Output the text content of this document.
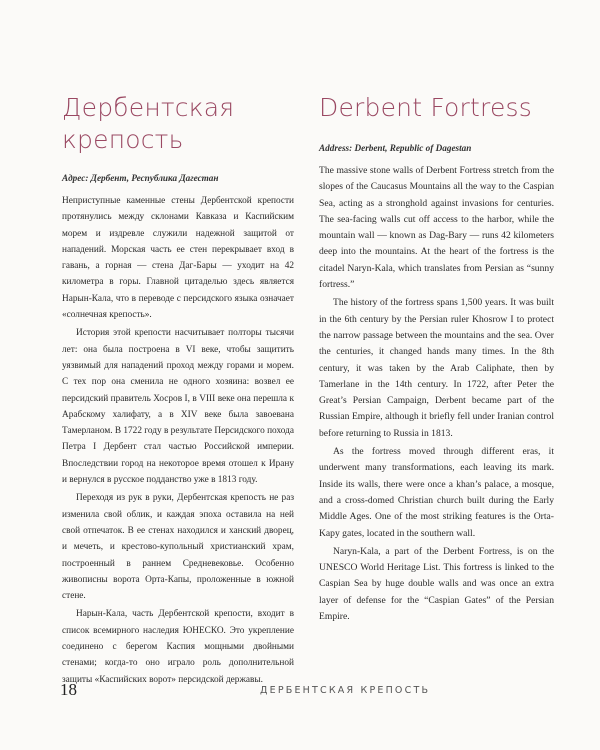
Дербентская
крепость
Адрес: Дербент, Республика Дагестан

Неприступные каменные стены Дербентской крепости протянулись между склонами Кавказа и Каспийским морем и издревле служили надежной защитой от нападений. Морская часть ее стен перекрывает вход в гавань, а горная — стена Даг-Бары — уходит на 42 километра в горы. Главной цитаделью здесь является Нарын-Кала, что в переводе с персидского языка означает «солнечная крепость».

История этой крепости насчитывает полторы тысячи лет: она была построена в VI веке, чтобы защитить уязвимый для нападений проход между горами и морем. С тех пор она сменила не одного хозяина: возвел ее персидский правитель Хосров I, в VIII веке она перешла к Арабскому халифату, а в XIV веке была завоевана Тамерланом. В 1722 году в результате Персидского похода Петра I Дербент стал частью Российской империи. Впоследствии город на некоторое время отошел к Ирану и вернулся в русское подданство уже в 1813 году.

Переходя из рук в руки, Дербентская крепость не раз изменила свой облик, и каждая эпоха оставила на ней свой отпечаток. В ее стенах находился и ханский дворец, и мечеть, и крестово-купольный христианский храм, построенный в раннем Средневековье. Особенно живописны ворота Орта-Капы, проложенные в южной стене.

Нарын-Кала, часть Дербентской крепости, входит в список всемирного наследия ЮНЕСКО. Это укрепление соединено с берегом Каспия мощными двойными стенами; когда-то оно играло роль дополнительной защиты «Каспийских ворот» персидской державы.

Derbent Fortress
Address: Derbent, Republic of Dagestan

The massive stone walls of Derbent Fortress stretch from the slopes of the Caucasus Mountains all the way to the Caspian Sea, acting as a stronghold against invasions for centuries. The sea-facing walls cut off access to the harbor, while the mountain wall — known as Dag-Bary — runs 42 kilometers deep into the mountains. At the heart of the fortress is the citadel Naryn-Kala, which translates from Persian as “sunny fortress.”

The history of the fortress spans 1,500 years. It was built in the 6th century by the Persian ruler Khosrow I to protect the narrow passage between the mountains and the sea. Over the centuries, it changed hands many times. In the 8th century, it was taken by the Arab Caliphate, then by Tamerlane in the 14th century. In 1722, after Peter the Great’s Persian Campaign, Derbent became part of the Russian Empire, although it briefly fell under Iranian control before returning to Russia in 1813.

As the fortress moved through different eras, it underwent many transformations, each leaving its mark. Inside its walls, there were once a khan’s palace, a mosque, and a cross-domed Christian church built during the Early Middle Ages. One of the most striking features is the Orta-Kapy gates, located in the southern wall.

Naryn-Kala, a part of the Derbent Fortress, is on the UNESCO World Heritage List. This fortress is linked to the Caspian Sea by huge double walls and was once an extra layer of defense for the “Caspian Gates” of the Persian Empire.

18	ДЕРБЕНТСКАЯ КРЕПОСТЬ
